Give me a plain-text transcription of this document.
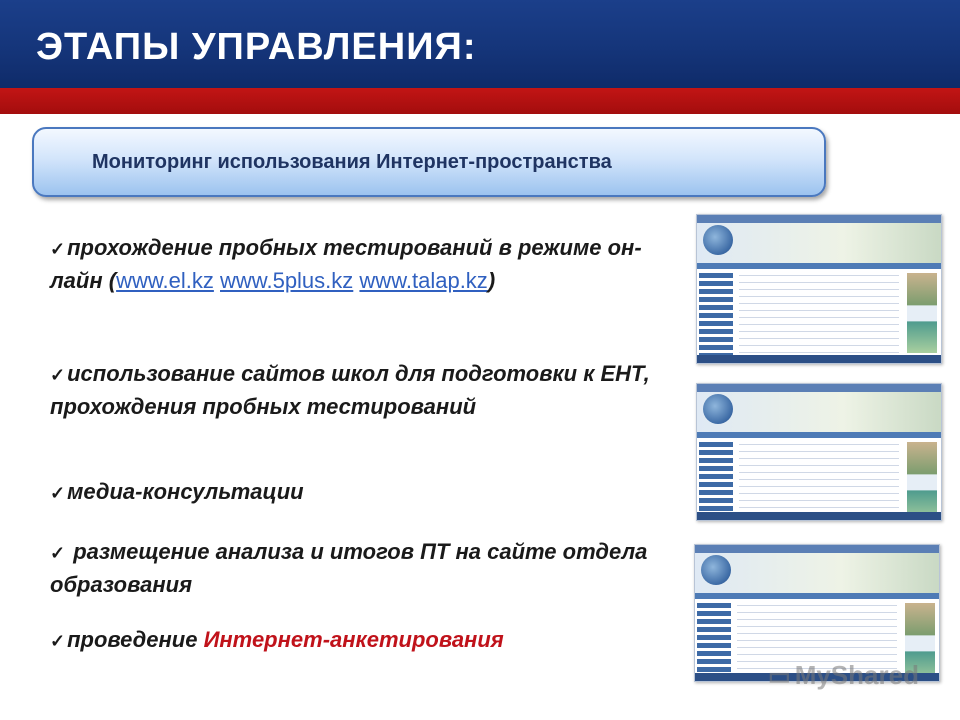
ЭТАПЫ УПРАВЛЕНИЯ:
Мониторинг использования Интернет-пространства
✓прохождение пробных тестирований в режиме он-лайн (www.el.kz www.5plus.kz www.talap.kz)
✓использование сайтов школ для подготовки к ЕНТ, прохождения пробных тестирований
✓медиа-консультации
✓ размещение анализа и итогов ПТ на сайте отдела образования
✓проведение Интернет-анкетирования
▭ MyShared
